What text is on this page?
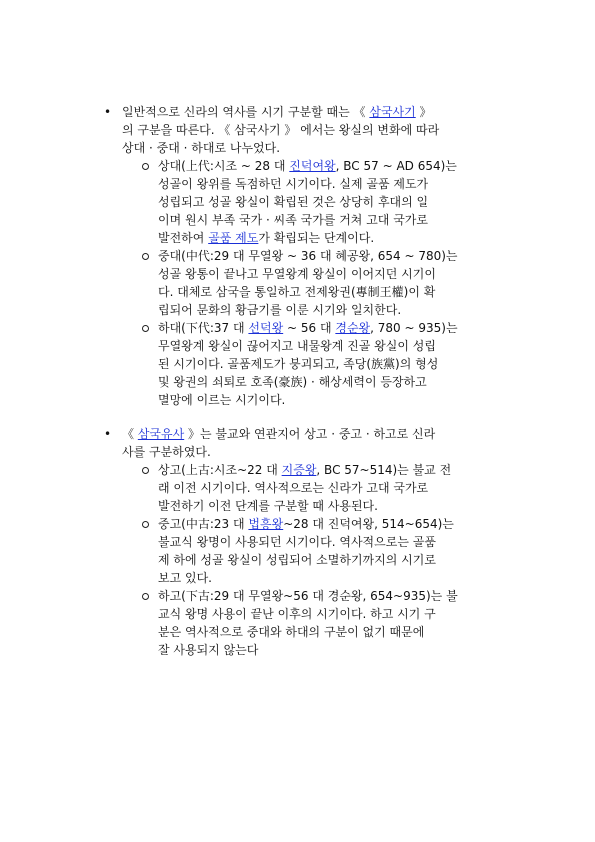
• 일반적으로 신라의 역사를 시기 구분할 때는 《 삼국사기 》
의 구분을 따른다. 《 삼국사기 》 에서는 왕실의 변화에 따라
상대 · 중대 · 하대로 나누었다.
상대(上代:시조 ~ 28 대 진덕여왕, BC 57 ~ AD 654)는
성골이 왕위를 독점하던 시기이다. 실제 골품 제도가
성립되고 성골 왕실이 확립된 것은 상당히 후대의 일
이며 원시 부족 국가 · 씨족 국가를 거쳐 고대 국가로
발전하여 골품 제도가 확립되는 단계이다.
중대(中代:29 대 무열왕 ~ 36 대 혜공왕, 654 ~ 780)는
성골 왕통이 끝나고 무열왕계 왕실이 이어지던 시기이
다. 대체로 삼국을 통일하고 전제왕권(專制王權)이 확
립되어 문화의 황금기를 이룬 시기와 일치한다.
하대(下代:37 대 선덕왕 ~ 56 대 경순왕, 780 ~ 935)는
무열왕계 왕실이 끊어지고 내물왕계 진골 왕실이 성립
된 시기이다. 골품제도가 붕괴되고, 족당(族黨)의 형성
및 왕권의 쇠퇴로 호족(豪族) · 해상세력이 등장하고
멸망에 이르는 시기이다.
• 《 삼국유사 》는 불교와 연관지어 상고 · 중고 · 하고로 신라
사를 구분하였다.
상고(上古:시조~22 대 지증왕, BC 57~514)는 불교 전
래 이전 시기이다. 역사적으로는 신라가 고대 국가로
발전하기 이전 단계를 구분할 때 사용된다.
중고(中古:23 대 법흥왕~28 대 진덕여왕, 514~654)는
불교식 왕명이 사용되던 시기이다. 역사적으로는 골품
제 하에 성골 왕실이 성립되어 소멸하기까지의 시기로
보고 있다.
하고(下古:29 대 무열왕~56 대 경순왕, 654~935)는 불
교식 왕명 사용이 끝난 이후의 시기이다. 하고 시기 구
분은 역사적으로 중대와 하대의 구분이 없기 때문에
잘 사용되지 않는다
